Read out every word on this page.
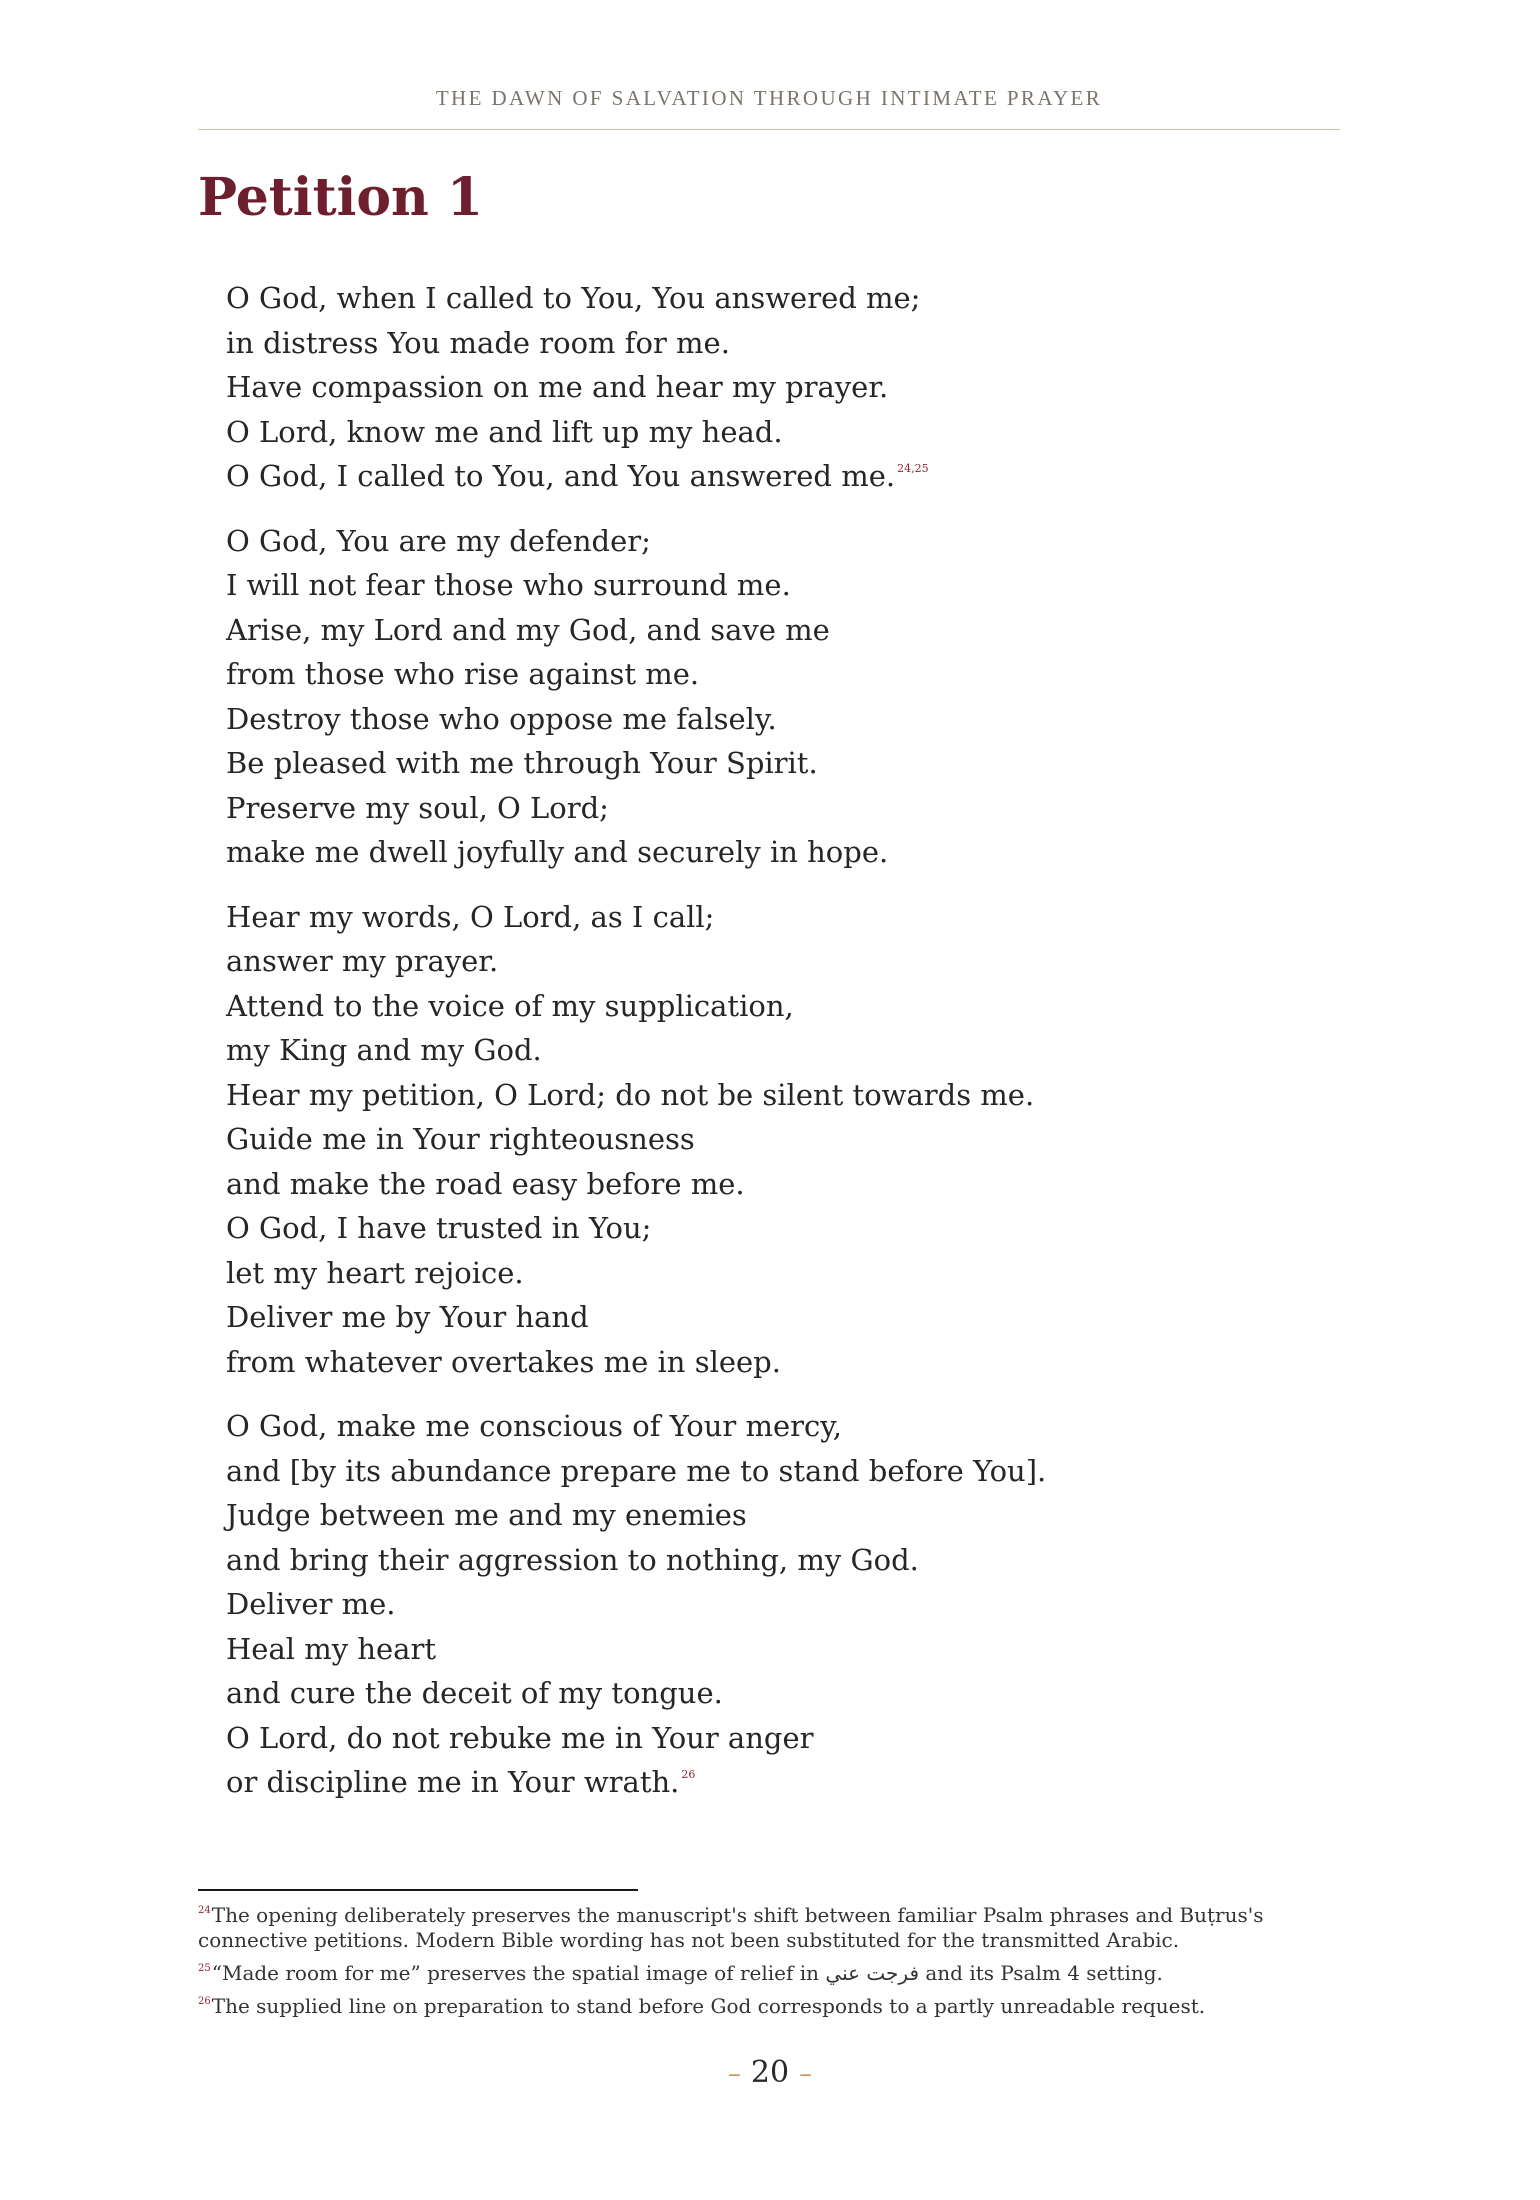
THE DAWN OF SALVATION THROUGH INTIMATE PRAYER
Petition 1
O God, when I called to You, You answered me;
in distress You made room for me.
Have compassion on me and hear my prayer.
O Lord, know me and lift up my head.
O God, I called to You, and You answered me. $^{24,25}$
O God, You are my defender;
I will not fear those who surround me.
Arise, my Lord and my God, and save me
from those who rise against me.
Destroy those who oppose me falsely.
Be pleased with me through Your Spirit.
Preserve my soul, O Lord;
make me dwell joyfully and securely in hope.
Hear my words, O Lord, as I call;
answer my prayer.
Attend to the voice of my supplication,
my King and my God.
Hear my petition, O Lord; do not be silent towards me.
Guide me in Your righteousness
and make the road easy before me.
O God, I have trusted in You;
let my heart rejoice.
Deliver me by Your hand
from whatever overtakes me in sleep.
O God, make me conscious of Your mercy,
and [by its abundance prepare me to stand before You].
Judge between me and my enemies
and bring their aggression to nothing, my God.
Deliver me.
Heal my heart
and cure the deceit of my tongue.
O Lord, do not rebuke me in Your anger
or discipline me in Your wrath. $^{26}$

$^{24}$The opening deliberately preserves the manuscript's shift between familiar Psalm phrases and Buṭrus's connective petitions. Modern Bible wording has not been substituted for the transmitted Arabic.

$^{25}$“Made room for me” preserves the spatial image of relief in فرجت عني and its Psalm 4 setting.

$^{26}$The supplied line on preparation to stand before God corresponds to a partly unreadable request.

– 20 –
